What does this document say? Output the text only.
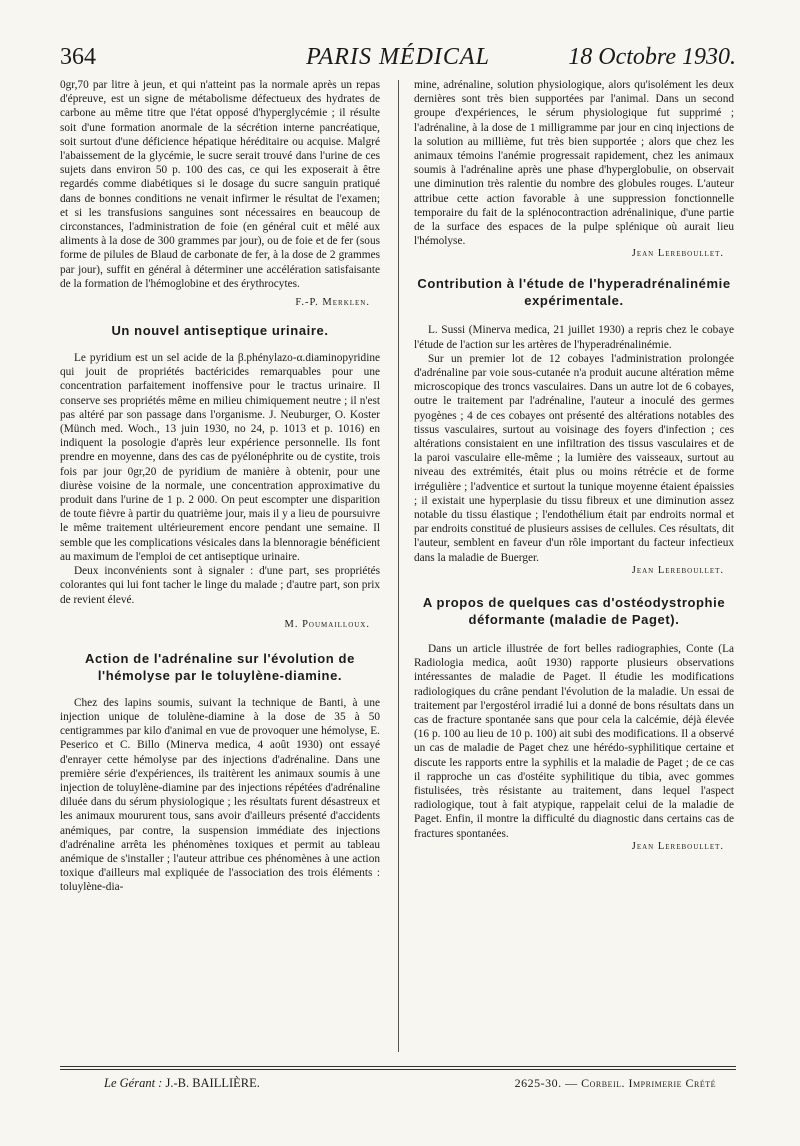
364	PARIS MÉDICAL	18 Octobre 1930.

0gr,70 par litre à jeun, et qui n'atteint pas la normale après un repas d'épreuve, est un signe de métabolisme défectueux des hydrates de carbone au même titre que l'état opposé d'hyperglycémie ; il résulte soit d'une formation anormale de la sécrétion interne pancréatique, soit surtout d'une déficience hépatique héréditaire ou acquise. Malgré l'abaissement de la glycémie, le sucre serait trouvé dans l'urine de ces sujets dans environ 50 p. 100 des cas, ce qui les exposerait à être regardés comme diabétiques si le dosage du sucre sanguin pratiqué dans de bonnes conditions ne venait infirmer le résultat de l'examen; et si les transfusions sanguines sont nécessaires en beaucoup de circonstances, l'administration de foie (en général cuit et mêlé aux aliments à la dose de 300 grammes par jour), ou de foie et de fer (sous forme de pilules de Blaud de carbonate de fer, à la dose de 2 grammes par jour), suffit en général à déterminer une accélération satisfaisante de la formation de l'hémoglobine et des érythrocytes.

F.-P. Merklen.
Un nouvel antiseptique urinaire.

Le pyridium est un sel acide de la β.phénylazo-α.diaminopyridine qui jouit de propriétés bactéricides remarquables pour une concentration parfaitement inoffensive pour le tractus urinaire. Il conserve ses propriétés même en milieu chimiquement neutre ; il n'est pas altéré par son passage dans l'organisme. J. Neuburger, O. Koster (Münch med. Woch., 13 juin 1930, no 24, p. 1013 et p. 1016) en indiquent la posologie d'après leur expérience personnelle. Ils font prendre en moyenne, dans des cas de pyélonéphrite ou de cystite, trois fois par jour 0gr,20 de pyridium de manière à obtenir, pour une diurèse voisine de la normale, une concentration approximative du produit dans l'urine de 1 p. 2 000. On peut escompter une disparition de toute fièvre à partir du quatrième jour, mais il y a lieu de poursuivre le même traitement ultérieurement encore pendant une semaine. Il semble que les complications vésicales dans la blennoragie bénéficient au maximum de l'emploi de cet antiseptique urinaire.

Deux inconvénients sont à signaler : d'une part, ses propriétés colorantes qui lui font tacher le linge du malade ; d'autre part, son prix de revient élevé.

M. Poumailloux.
Action de l'adrénaline sur l'évolution de l'hémolyse par le toluylène-diamine.

Chez des lapins soumis, suivant la technique de Banti, à une injection unique de tolulène-diamine à la dose de 35 à 50 centigrammes par kilo d'animal en vue de provoquer une hémolyse, E. Peserico et C. Billo (Minerva medica, 4 août 1930) ont essayé d'enrayer cette hémolyse par des injections d'adrénaline. Dans une première série d'expériences, ils traitèrent les animaux soumis à une injection de toluylène-diamine par des injections répétées d'adrénaline diluée dans du sérum physiologique ; les résultats furent désastreux et les animaux moururent tous, sans avoir d'ailleurs présenté d'accidents anémiques, par contre, la suspension immédiate des injections d'adrénaline arrêta les phénomènes toxiques et permit au tableau anémique de s'installer ; l'auteur attribue ces phénomènes à une action toxique d'ailleurs mal expliquée de l'association des trois éléments : toluylène-dia-

mine, adrénaline, solution physiologique, alors qu'isolément les deux dernières sont très bien supportées par l'animal. Dans un second groupe d'expériences, le sérum physiologique fut supprimé ; l'adrénaline, à la dose de 1 milligramme par jour en cinq injections de la solution au millième, fut très bien supportée ; alors que chez les animaux témoins l'anémie progressait rapidement, chez les animaux soumis à l'adrénaline après une phase d'hyperglobulie, on observait une diminution très ralentie du nombre des globules rouges. L'auteur attribue cette action favorable à une suppression fonctionnelle temporaire du fait de la splénocontraction adrénalinique, d'une partie de la surface des espaces de la pulpe splénique où aurait lieu l'hémolyse.

Jean Lereboullet.
Contribution à l'étude de l'hyperadrénalinémie expérimentale.

L. Sussi (Minerva medica, 21 juillet 1930) a repris chez le cobaye l'étude de l'action sur les artères de l'hyperadrénalinémie.

Sur un premier lot de 12 cobayes l'administration prolongée d'adrénaline par voie sous-cutanée n'a produit aucune altération même microscopique des troncs vasculaires. Dans un autre lot de 6 cobayes, outre le traitement par l'adrénaline, l'auteur a inoculé des germes pyogènes ; 4 de ces cobayes ont présenté des altérations notables des tissus vasculaires, surtout au voisinage des foyers d'infection ; ces altérations consistaient en une infiltration des tissus vasculaires et de la paroi vasculaire elle-même ; la lumière des vaisseaux, surtout au niveau des extrémités, était plus ou moins rétrécie et de forme irrégulière ; l'adventice et surtout la tunique moyenne étaient épaissies ; il existait une hyperplasie du tissu fibreux et une diminution assez notable du tissu élastique ; l'endothélium était par endroits normal et par endroits constitué de plusieurs assises de cellules. Ces résultats, dit l'auteur, semblent en faveur d'un rôle important du facteur infectieux dans la maladie de Buerger.

Jean Lereboullet.
A propos de quelques cas d'ostéodystrophie déformante (maladie de Paget).

Dans un article illustrée de fort belles radiographies, Conte (La Radiologia medica, août 1930) rapporte plusieurs observations intéressantes de maladie de Paget. Il étudie les modifications radiologiques du crâne pendant l'évolution de la maladie. Un essai de traitement par l'ergostérol irradié lui a donné de bons résultats dans un cas de fracture spontanée sans que pour cela la calcémie, déjà élevée (16 p. 100 au lieu de 10 p. 100) ait subi des modifications. Il a observé un cas de maladie de Paget chez une hérédo-syphilitique certaine et discute les rapports entre la syphilis et la maladie de Paget ; de ce cas il rapproche un cas d'ostéite syphilitique du tibia, avec gommes fistulisées, très résistante au traitement, dans lequel l'aspect radiologique, tout à fait atypique, rappelait celui de la maladie de Paget. Enfin, il montre la difficulté du diagnostic dans certains cas de fractures spontanées.

Jean Lereboullet.
Le Gérant : J.-B. BAILLIÈRE.	2625-30. — Corbeil. Imprimerie Crété
